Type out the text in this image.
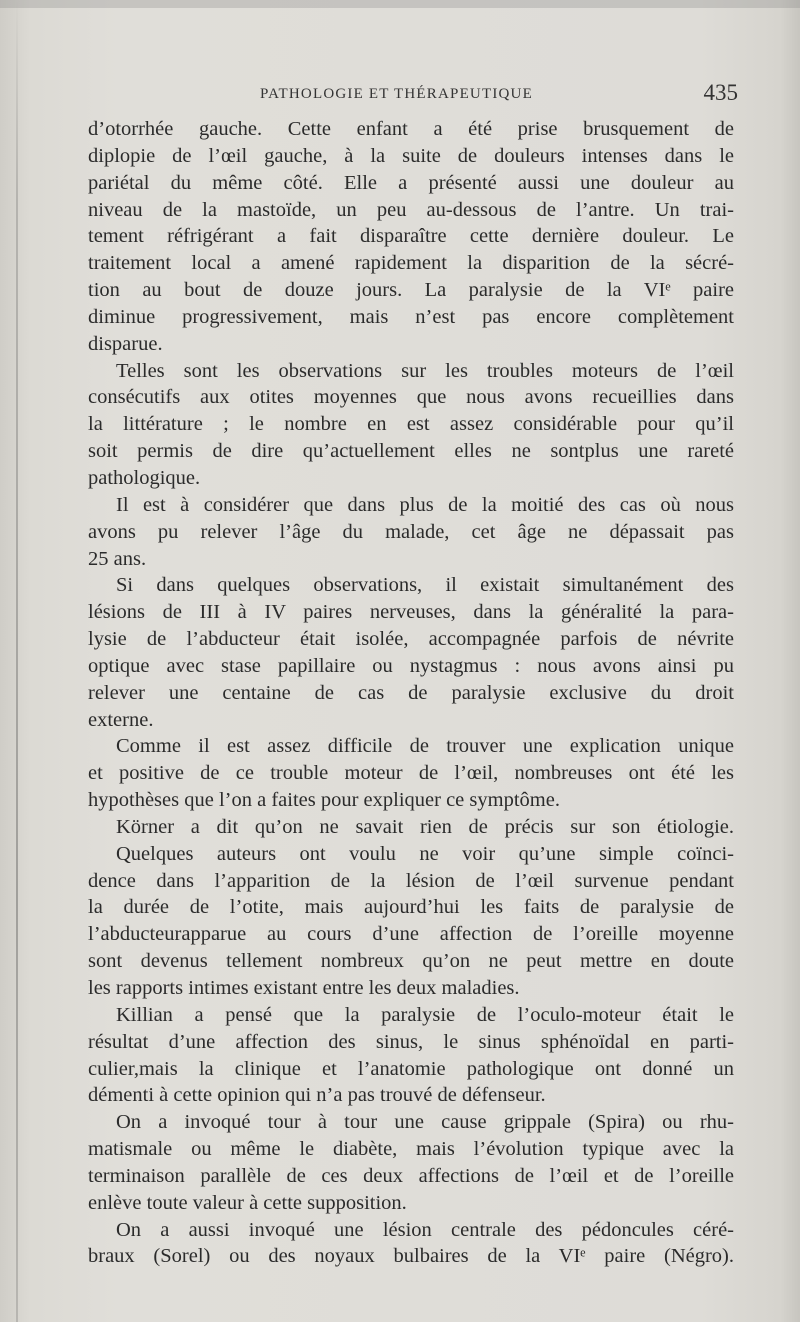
PATHOLOGIE ET THÉRAPEUTIQUE	435
d’otorrhée gauche. Cette enfant a été prise brusquement de
diplopie de l’œil gauche, à la suite de douleurs intenses dans le
pariétal du même côté. Elle a présenté aussi une douleur au
niveau de la mastoïde, un peu au-dessous de l’antre. Un trai-
tement réfrigérant a fait disparaître cette dernière douleur. Le
traitement local a amené rapidement la disparition de la sécré-
tion au bout de douze jours. La paralysie de la VIᵉ paire
diminue progressivement, mais n’est pas encore complètement
disparue.
Telles sont les observations sur les troubles moteurs de l’œil
consécutifs aux otites moyennes que nous avons recueillies dans
la littérature ; le nombre en est assez considérable pour qu’il
soit permis de dire qu’actuellement elles ne sontplus une rareté
pathologique.
Il est à considérer que dans plus de la moitié des cas où nous
avons pu relever l’âge du malade, cet âge ne dépassait pas
25 ans.
Si dans quelques observations, il existait simultanément des
lésions de III à IV paires nerveuses, dans la généralité la para-
lysie de l’abducteur était isolée, accompagnée parfois de névrite
optique avec stase papillaire ou nystagmus : nous avons ainsi pu
relever une centaine de cas de paralysie exclusive du droit
externe.
Comme il est assez difficile de trouver une explication unique
et positive de ce trouble moteur de l’œil, nombreuses ont été les
hypothèses que l’on a faites pour expliquer ce symptôme.
Körner a dit qu’on ne savait rien de précis sur son étiologie.
Quelques auteurs ont voulu ne voir qu’une simple coïnci-
dence dans l’apparition de la lésion de l’œil survenue pendant
la durée de l’otite, mais aujourd’hui les faits de paralysie de
l’abducteurapparue au cours d’une affection de l’oreille moyenne
sont devenus tellement nombreux qu’on ne peut mettre en doute
les rapports intimes existant entre les deux maladies.
Killian a pensé que la paralysie de l’oculo-moteur était le
résultat d’une affection des sinus, le sinus sphénoïdal en parti-
culier,mais la clinique et l’anatomie pathologique ont donné un
démenti à cette opinion qui n’a pas trouvé de défenseur.
On a invoqué tour à tour une cause grippale (Spira) ou rhu-
matismale ou même le diabète, mais l’évolution typique avec la
terminaison parallèle de ces deux affections de l’œil et de l’oreille
enlève toute valeur à cette supposition.
On a aussi invoqué une lésion centrale des pédoncules céré-
braux (Sorel) ou des noyaux bulbaires de la VIᵉ paire (Négro).
